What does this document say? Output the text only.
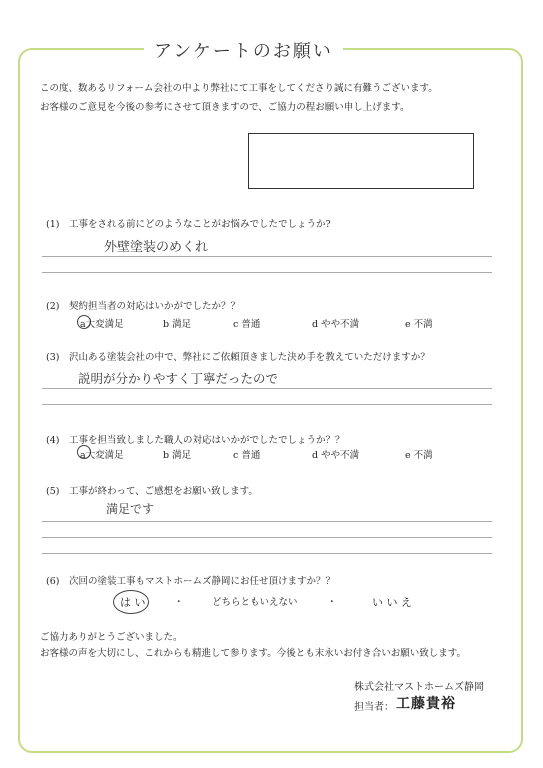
アンケートのお願い
この度、数あるリフォーム会社の中より弊社にて工事をしてくださり誠に有難うございます。
お客様のご意見を今後の参考にさせて頂きますので、ご協力の程お願い申し上げます。
(1)　工事をされる前にどのようなことがお悩みでしたでしょうか?
外壁塗装のめくれ
(2)　契約担当者の対応はいかがでしたか？？
a大変満足	b 満足	c 普通	d やや不満	e 不満
(3)　沢山ある塗装会社の中で、弊社にご依頼頂きました決め手を教えていただけますか？
説明が分かりやすく丁寧だったので
(4)　工事を担当致しました職人の対応はいかがでしたでしょうか？？
a大変満足	b 満足	c 普通	d やや不満	e 不満
(5)　工事が終わって、ご感想をお願い致します。
満足です
(6)　次回の塗装工事もマストホームズ静岡にお任せ頂けますか？？
は い	・	どちらともいえない	・	い い え
ご協力ありがとうございました。
お客様の声を大切にし、これからも精進して参ります。今後とも末永いお付き合いお願い致します。
株式会社マストホームズ静岡
担当者： 工藤貴裕
